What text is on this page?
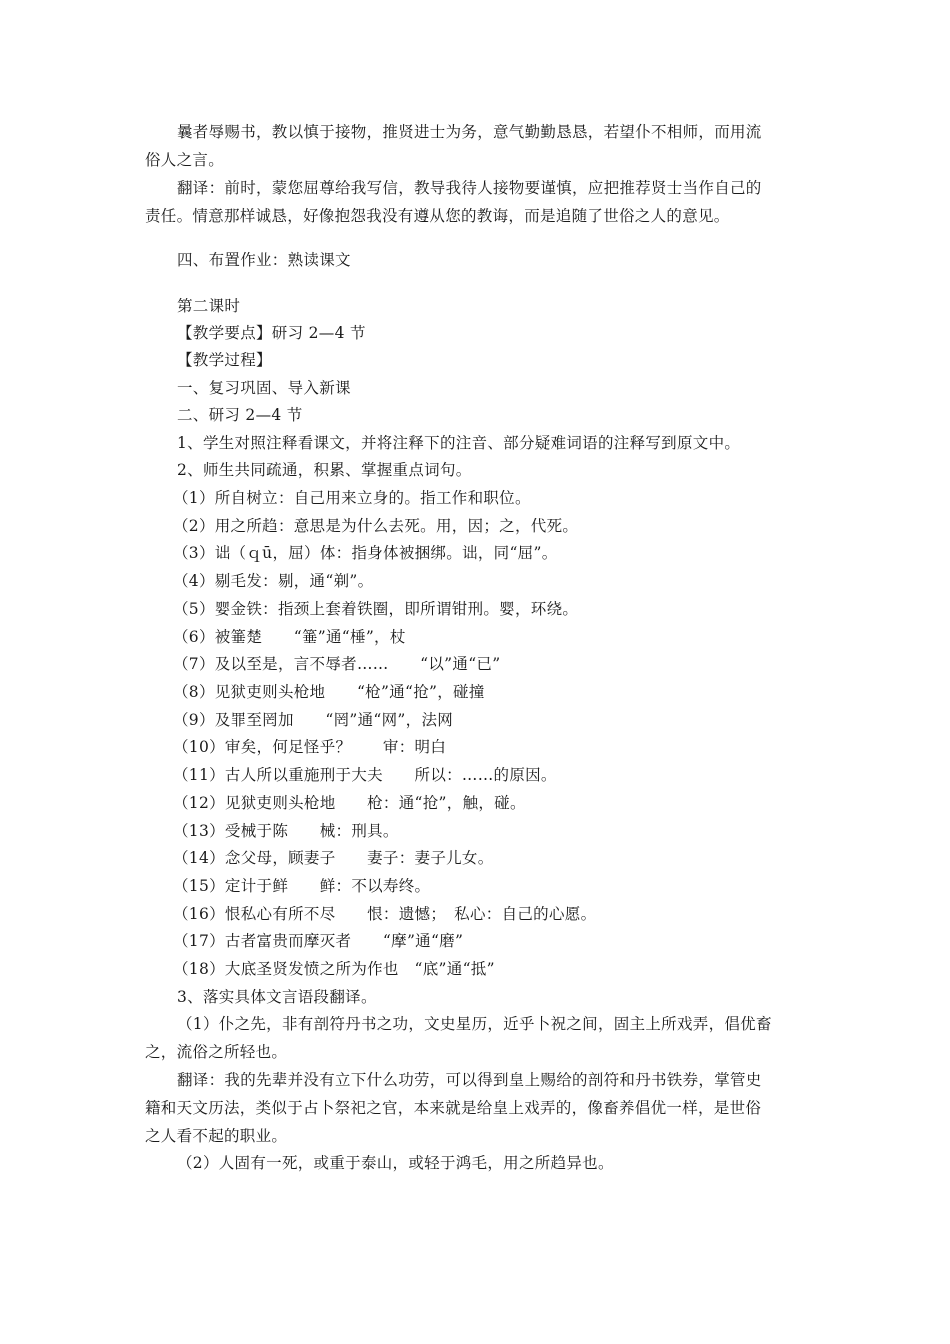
曩者辱赐书，教以慎于接物，推贤进士为务，意气勤勤恳恳，若望仆不相师，而用流
俗人之言。
翻译：前时，蒙您屈尊给我写信，教导我待人接物要谨慎，应把推荐贤士当作自己的
责任。情意那样诚恳，好像抱怨我没有遵从您的教诲，而是追随了世俗之人的意见。
四、布置作业：熟读课文
第二课时
【教学要点】研习 2—4 节
【教学过程】
一、复习巩固、导入新课
二、研习 2—4 节
1、学生对照注释看课文，并将注释下的注音、部分疑难词语的注释写到原文中。
2、师生共同疏通，积累、掌握重点词句。
（1）所自树立：自己用来立身的。指工作和职位。
（2）用之所趋：意思是为什么去死。用，因；之，代死。
（3）诎（ｑū，屈）体：指身体被捆绑。诎，同“屈”。
（4）剔毛发：剔，通“剃”。
（5）婴金铁：指颈上套着铁圈，即所谓钳刑。婴，环绕。
（6）被箠楚　　“箠”通“棰”，杖
（7）及以至是，言不辱者……　　“以”通“已”
（8）见狱吏则头枪地　　“枪”通“抢”，碰撞
（9）及罪至罔加　　“罔”通“网”，法网
（10）审矣，何足怪乎？　　审：明白
（11）古人所以重施刑于大夫　　所以：……的原因。
（12）见狱吏则头枪地　　枪：通“抢”，触，碰。
（13）受械于陈　　械：刑具。
（14）念父母，顾妻子　　妻子：妻子儿女。
（15）定计于鲜　　鲜：不以寿终。
（16）恨私心有所不尽　　恨：遗憾；　私心：自己的心愿。
（17）古者富贵而摩灭者　　“摩”通“磨”
（18）大底圣贤发愤之所为作也　“底”通“抵”
3、落实具体文言语段翻译。
（1）仆之先，非有剖符丹书之功，文史星历，近乎卜祝之间，固主上所戏弄，倡优畜
之，流俗之所轻也。
翻译：我的先辈并没有立下什么功劳，可以得到皇上赐给的剖符和丹书铁券，掌管史
籍和天文历法，类似于占卜祭祀之官，本来就是给皇上戏弄的，像畜养倡优一样，是世俗
之人看不起的职业。
（2）人固有一死，或重于泰山，或轻于鸿毛，用之所趋异也。
